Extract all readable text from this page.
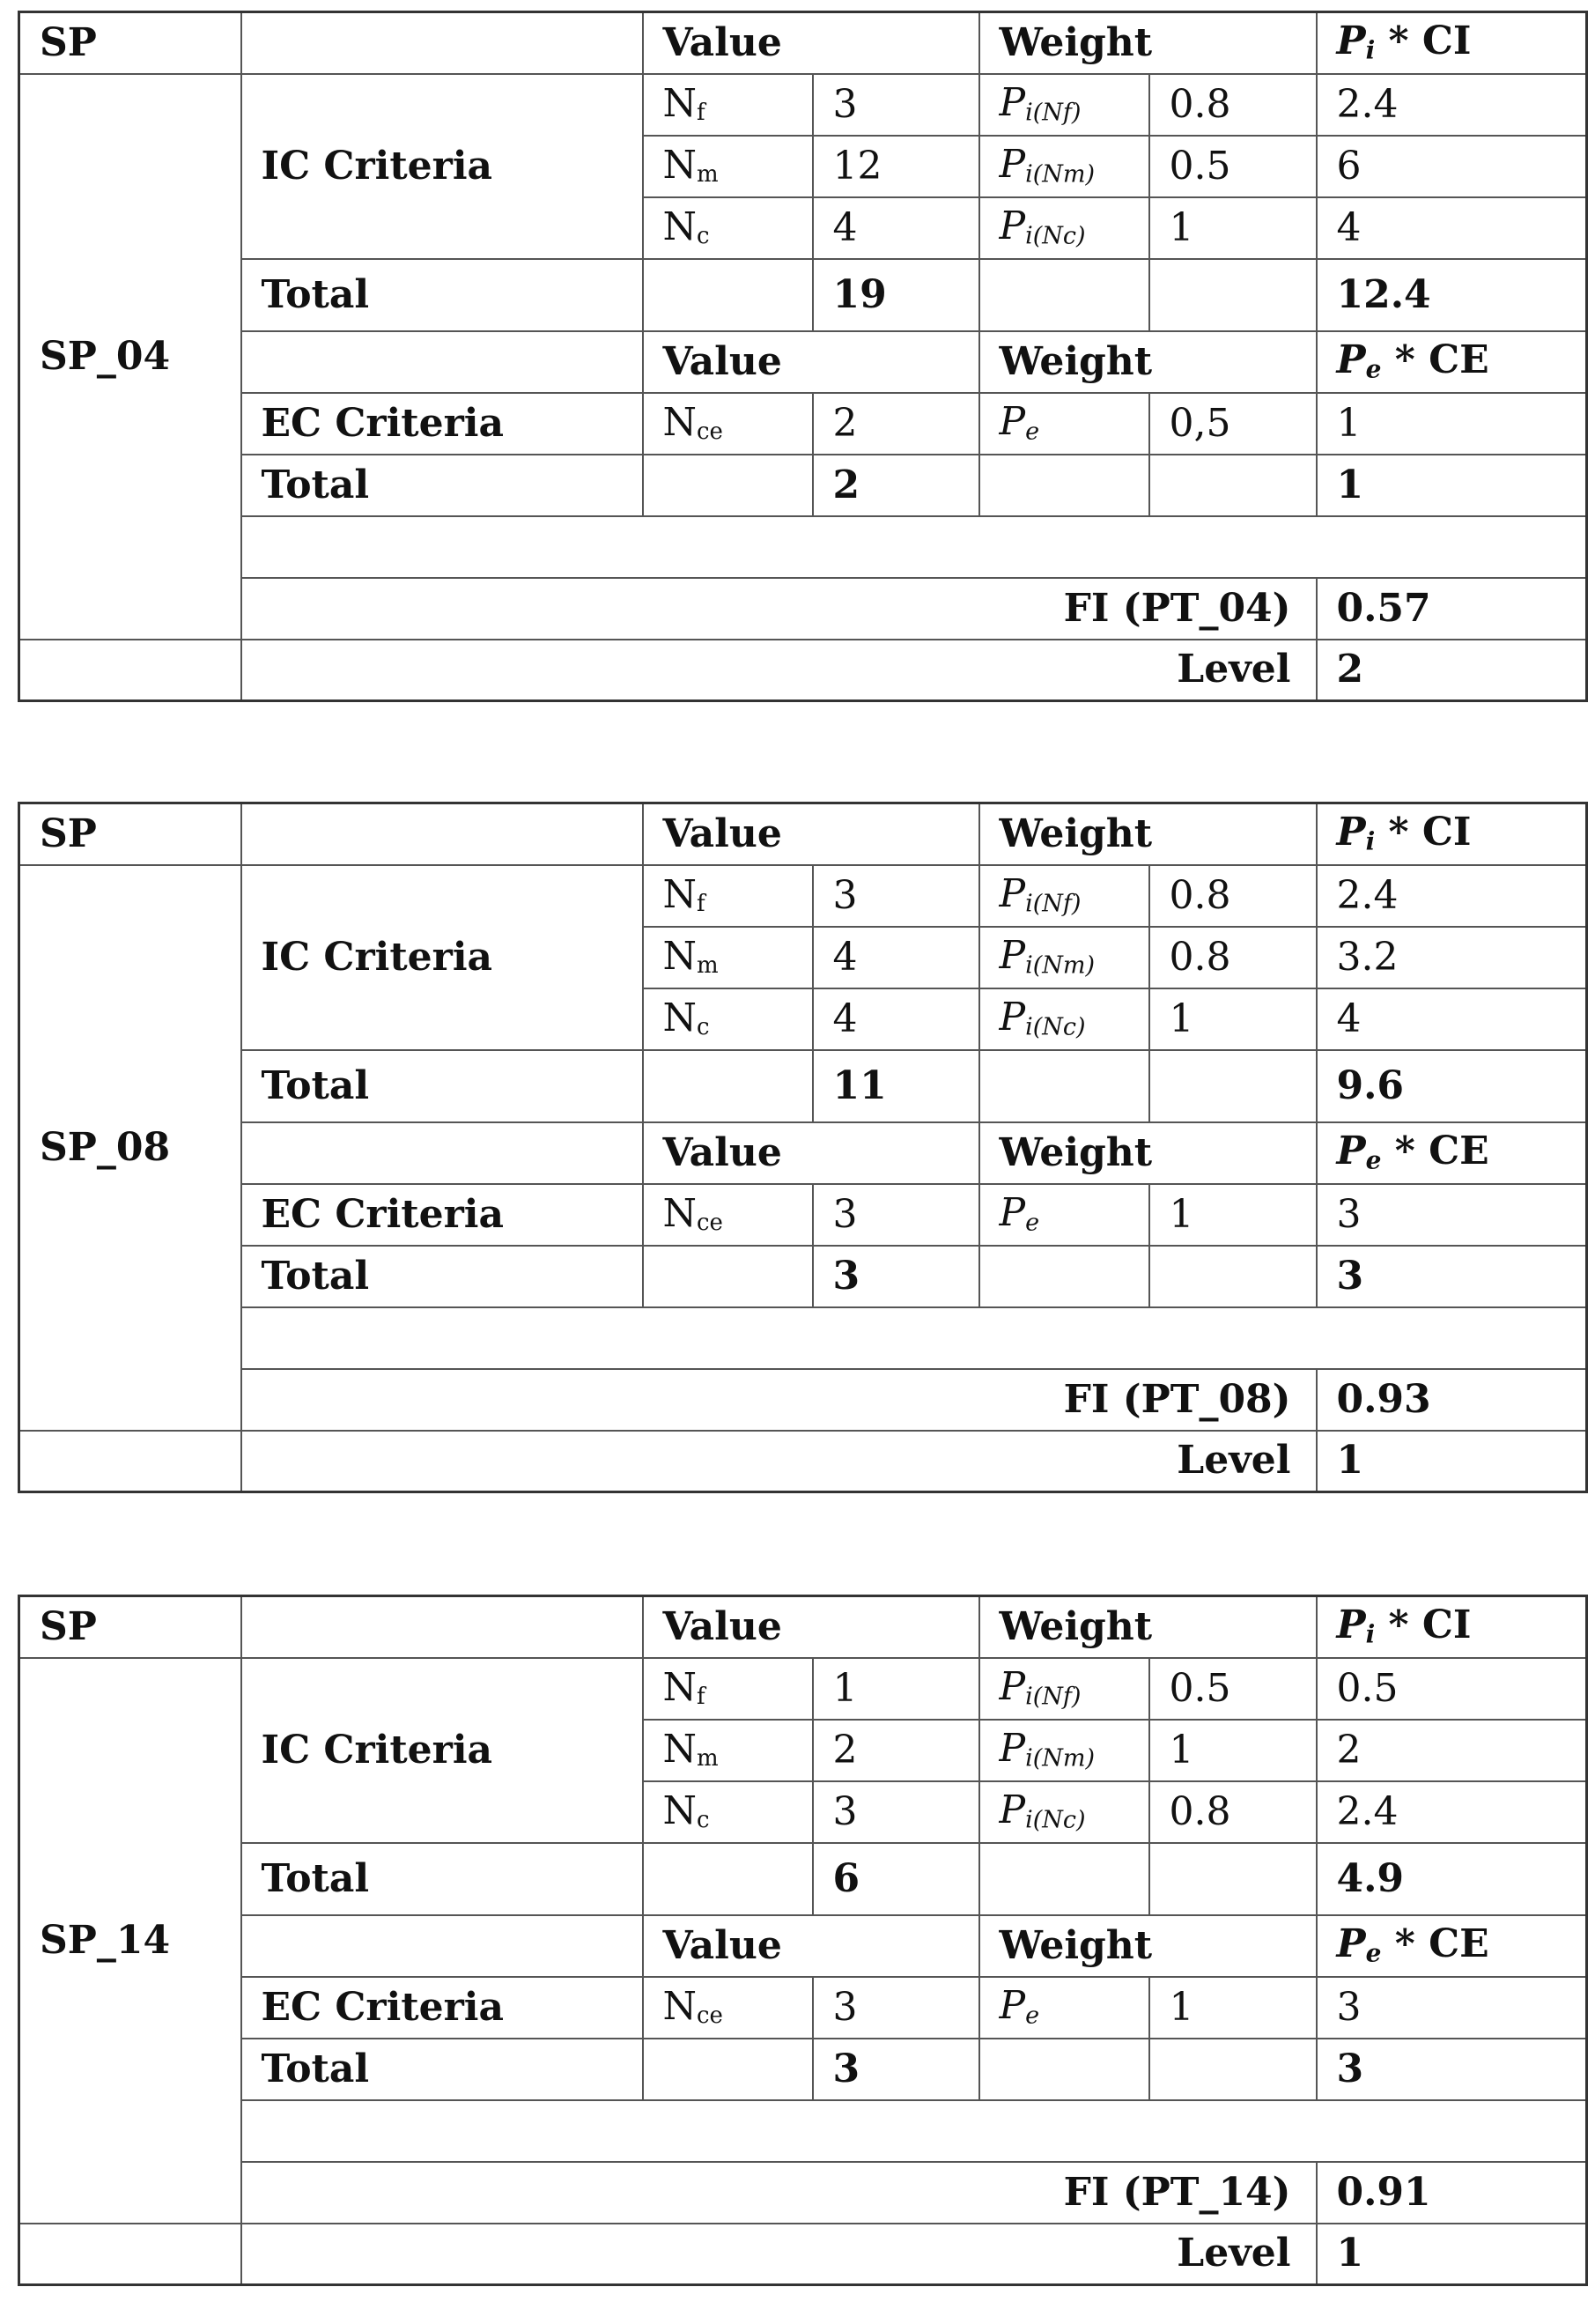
SP		Value		Weight		$P_i$ * CI
SP_04	IC Criteria	$N_f$	3	$P_{i(Nf)}$	0.8	2.4
		$N_m$	12	$P_{i(Nm)}$	0.5	6
		$N_c$	4	$P_{i(Nc)}$	1	4
	Total		19			12.4
		Value		Weight		$P_e$ * CE
	EC Criteria	$N_{ce}$	2	$P_e$	0,5	1
	Total		2			1

	FI (PT_04)					0.57
	Level					2
SP		Value		Weight		$P_i$ * CI
SP_08	IC Criteria	$N_f$	3	$P_{i(Nf)}$	0.8	2.4
		$N_m$	4	$P_{i(Nm)}$	0.8	3.2
		$N_c$	4	$P_{i(Nc)}$	1	4
	Total		11			9.6
		Value		Weight		$P_e$ * CE
	EC Criteria	$N_{ce}$	3	$P_e$	1	3
	Total		3			3

	FI (PT_08)					0.93
	Level					1
SP		Value		Weight		$P_i$ * CI
SP_14	IC Criteria	$N_f$	1	$P_{i(Nf)}$	0.5	0.5
		$N_m$	2	$P_{i(Nm)}$	1	2
		$N_c$	3	$P_{i(Nc)}$	0.8	2.4
	Total		6			4.9
		Value		Weight		$P_e$ * CE
	EC Criteria	$N_{ce}$	3	$P_e$	1	3
	Total		3			3

	FI (PT_14)					0.91
	Level					1
